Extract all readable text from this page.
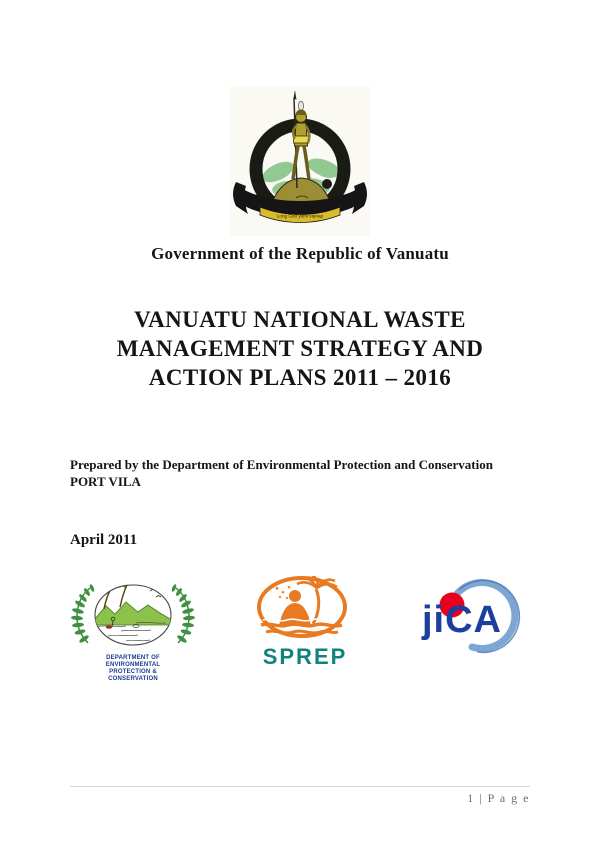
Long God yumi stanap
Government of the Republic of Vanuatu
VANUATU NATIONAL WASTE
MANAGEMENT STRATEGY AND
ACTION PLANS 2011 – 2016
Prepared by the Department of Environmental Protection and Conservation
PORT VILA
April 2011
DEPARTMENT OF
ENVIRONMENTAL
PROTECTION &
CONSERVATION
SPREP
jiCA
1 | P a g e
